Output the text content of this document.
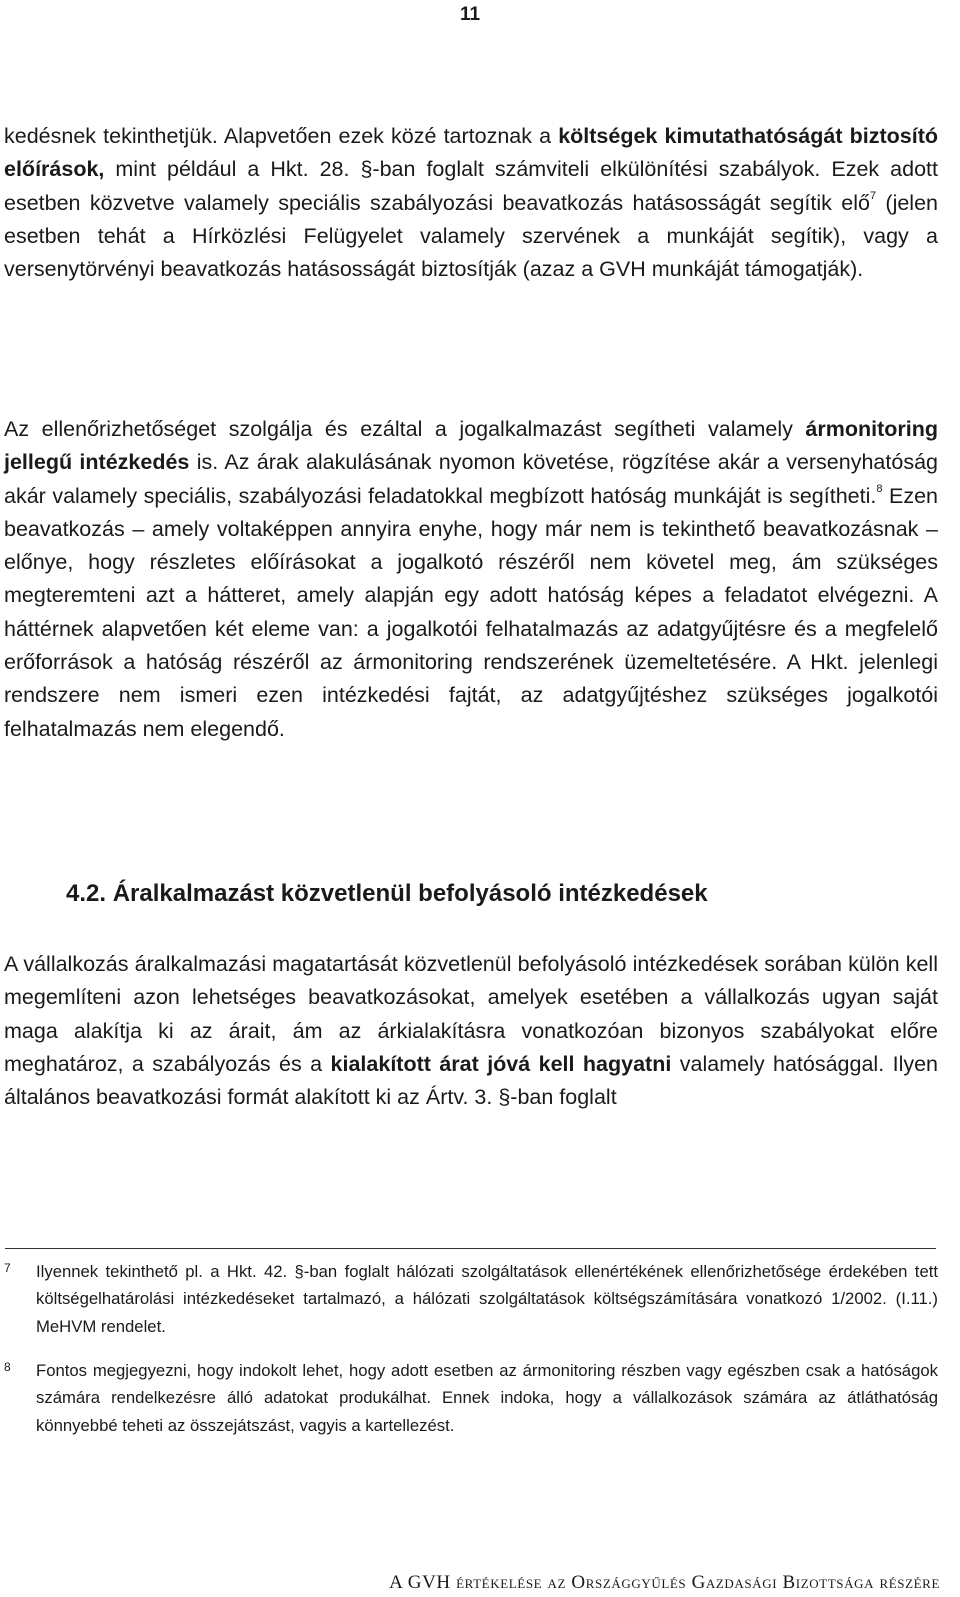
11

kedésnek tekinthetjük. Alapvetően ezek közé tartoznak a költségek kimutathatóságát biztosító előírások, mint például a Hkt. 28. §-ban foglalt számviteli elkülönítési szabályok. Ezek adott esetben közvetve valamely speciális szabályozási beavatkozás hatásosságát segítik elő$^7$ (jelen esetben tehát a Hírközlési Felügyelet valamely szervének a munkáját segítik), vagy a versenytörvényi beavatkozás hatásosságát biztosítják (azaz a GVH munkáját támogatják).

Az ellenőrizhetőséget szolgálja és ezáltal a jogalkalmazást segítheti valamely ármonitoring jellegű intézkedés is. Az árak alakulásának nyomon követése, rögzítése akár a versenyhatóság akár valamely speciális, szabályozási feladatokkal megbízott hatóság munkáját is segítheti.$^8$ Ezen beavatkozás – amely voltaképpen annyira enyhe, hogy már nem is tekinthető beavatkozásnak – előnye, hogy részletes előírásokat a jogalkotó részéről nem követel meg, ám szükséges megteremteni azt a hátteret, amely alapján egy adott hatóság képes a feladatot elvégezni. A háttérnek alapvetően két eleme van: a jogalkotói felhatalmazás az adatgyűjtésre és a megfelelő erőforrások a hatóság részéről az ármonitoring rendszerének üzemeltetésére. A Hkt. jelenlegi rendszere nem ismeri ezen intézkedési fajtát, az adatgyűjtéshez szükséges jogalkotói felhatalmazás nem elegendő.

4.2. Áralkalmazást közvetlenül befolyásoló intézkedések

A vállalkozás áralkalmazási magatartását közvetlenül befolyásoló intézkedések sorában külön kell megemlíteni azon lehetséges beavatkozásokat, amelyek esetében a vállalkozás ugyan saját maga alakítja ki az árait, ám az árkialakításra vonatkozóan bizonyos szabályokat előre meghatároz, a szabályozás és a kialakított árat jóvá kell hagyatni valamely hatósággal. Ilyen általános beavatkozási formát alakított ki az Ártv. 3. §-ban foglalt

7 Ilyennek tekinthető pl. a Hkt. 42. §-ban foglalt hálózati szolgáltatások ellenértékének ellenőrizhetősége érdekében tett költségelhatárolási intézkedéseket tartalmazó, a hálózati szolgáltatások költségszámítására vonatkozó 1/2002. (I.11.) MeHVM rendelet.

8 Fontos megjegyezni, hogy indokolt lehet, hogy adott esetben az ármonitoring részben vagy egészben csak a hatóságok számára rendelkezésre álló adatokat produkálhat. Ennek indoka, hogy a vállalkozások számára az átláthatóság könnyebbé teheti az összejátszást, vagyis a kartellezést.

A GVH értékelése az Országgyűlés Gazdasági Bizottsága részére
